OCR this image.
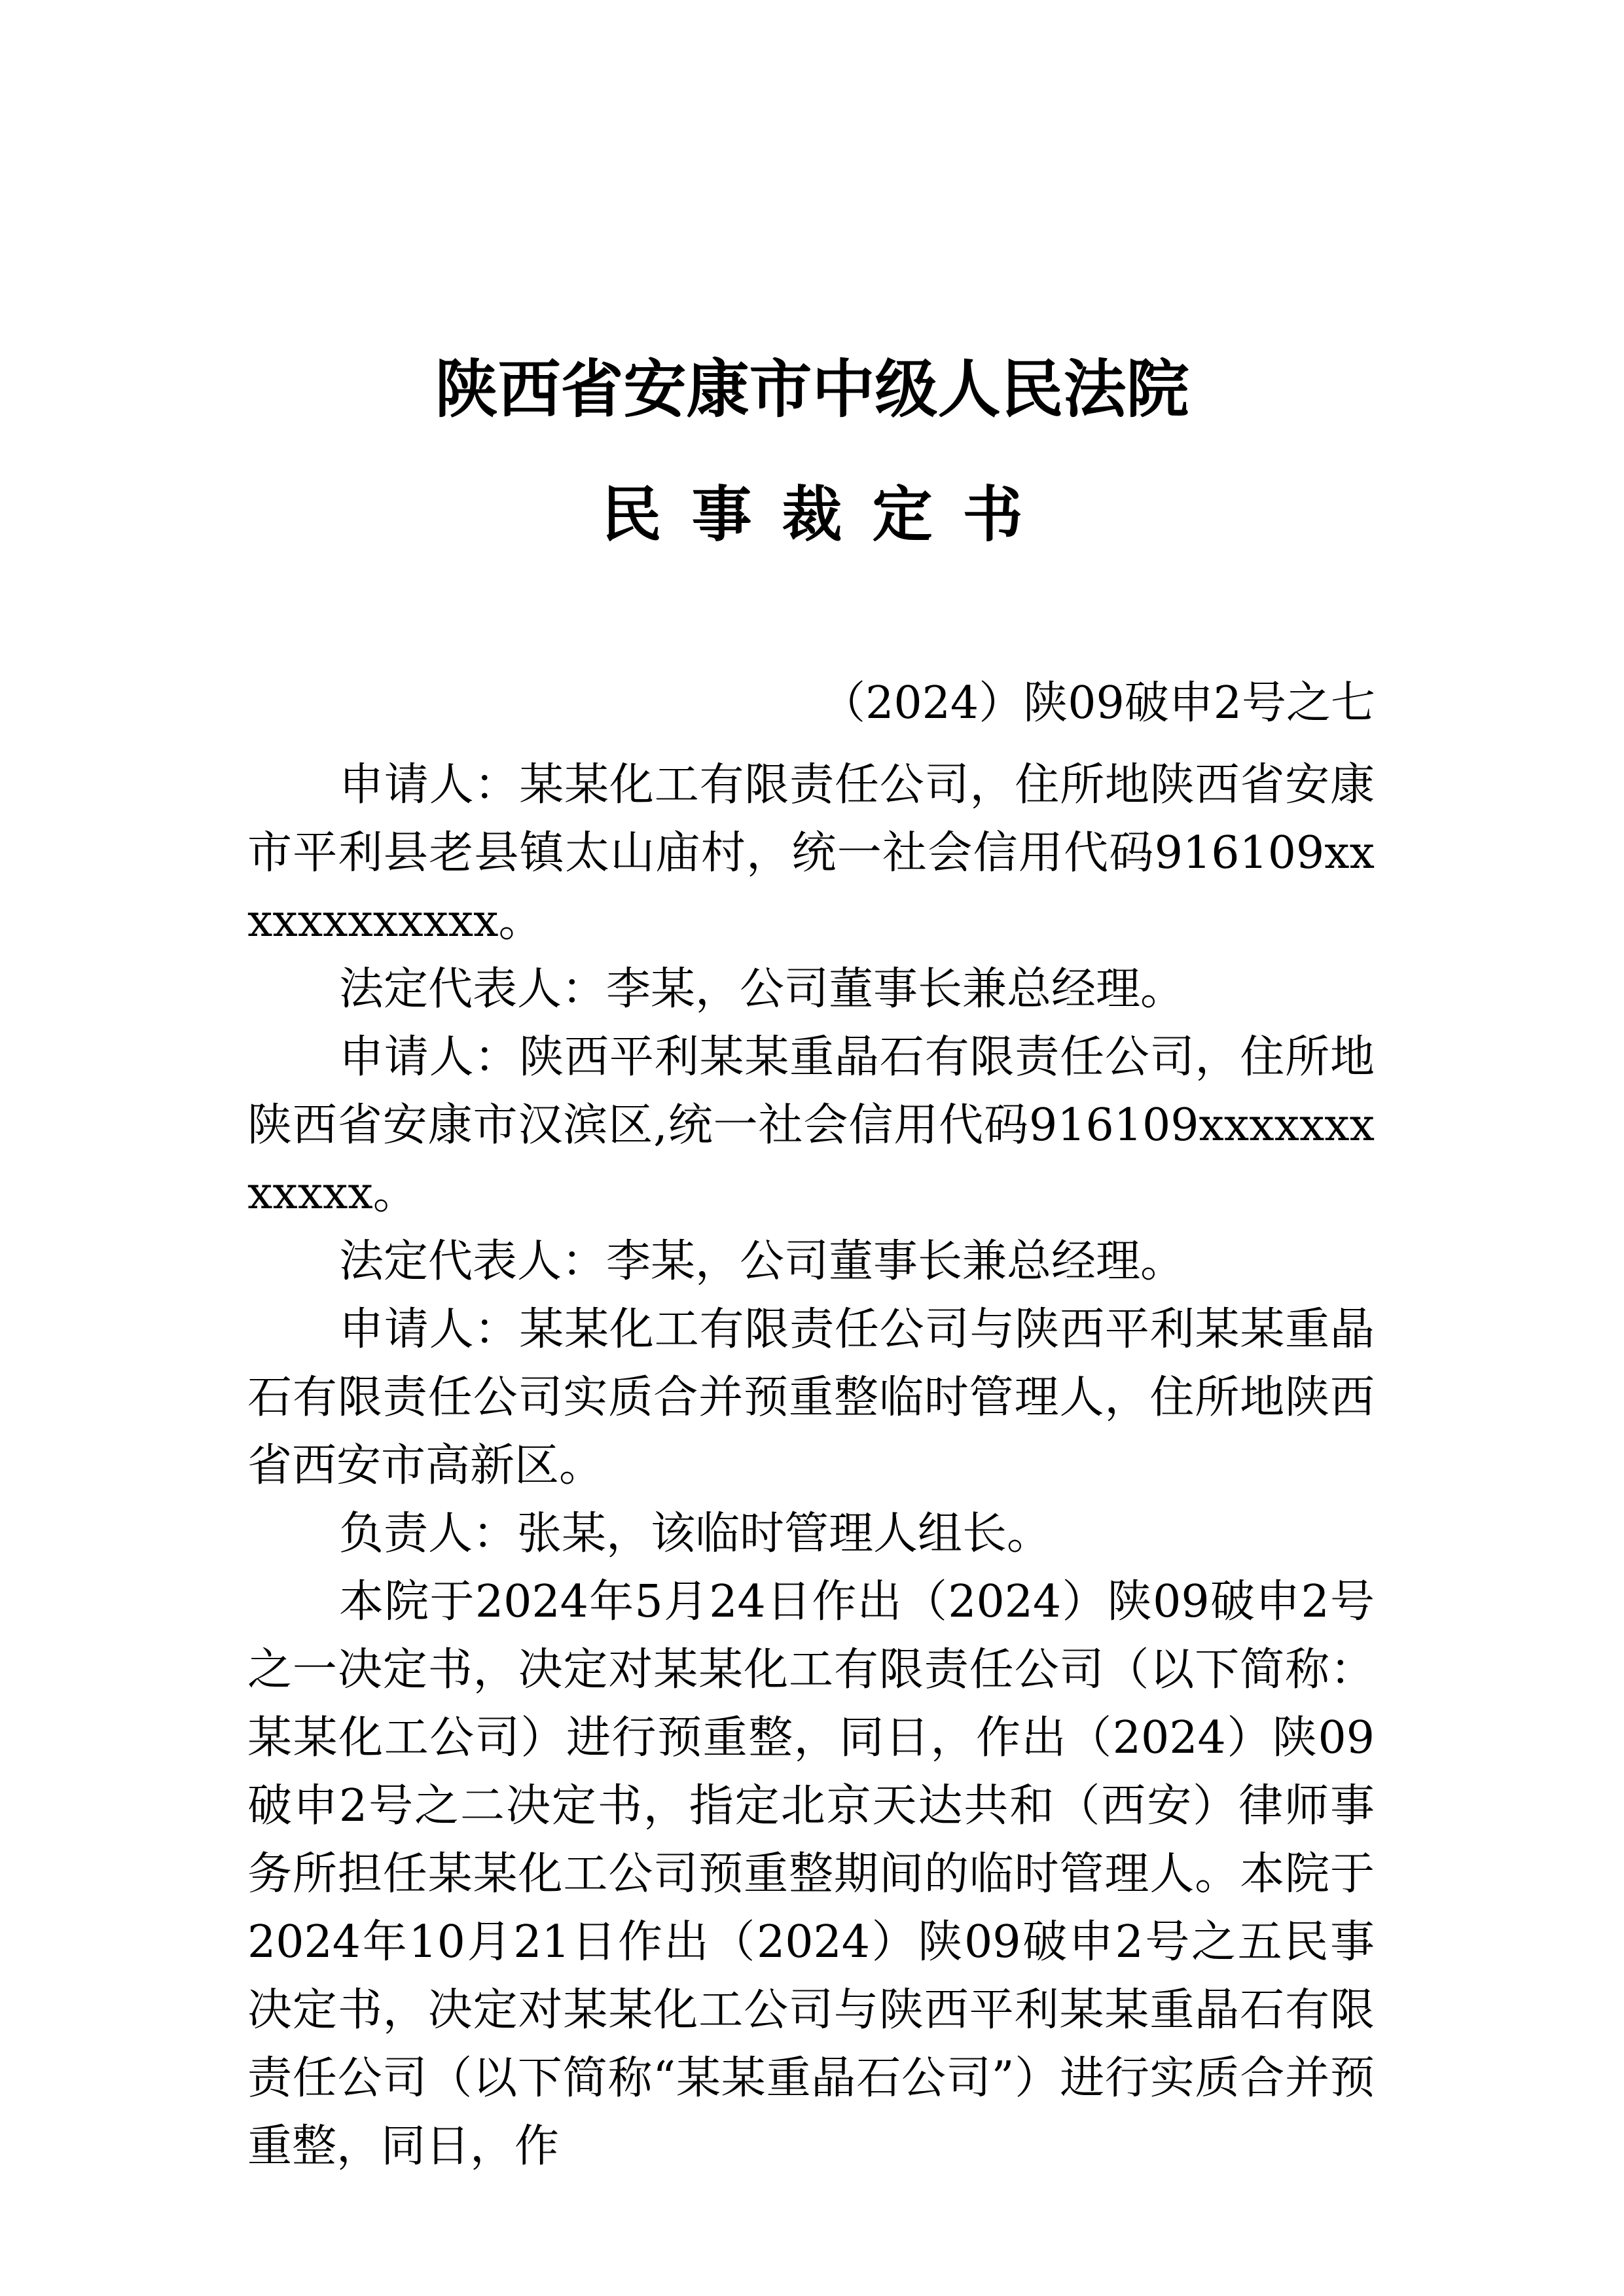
陕西省安康市中级人民法院
民事裁定书
（2024）陕09破申2号之七

申请人：某某化工有限责任公司，住所地陕西省安康市平利县老县镇太山庙村，统一社会信用代码916109xxxxxxxxxxxx。

法定代表人：李某，公司董事长兼总经理。

申请人：陕西平利某某重晶石有限责任公司，住所地陕西省安康市汉滨区,统一社会信用代码916109xxxxxxxxxxxx。

法定代表人：李某，公司董事长兼总经理。

申请人：某某化工有限责任公司与陕西平利某某重晶石有限责任公司实质合并预重整临时管理人，住所地陕西省西安市高新区。

负责人：张某，该临时管理人组长。

本院于2024年5月24日作出（2024）陕09破申2号之一决定书，决定对某某化工有限责任公司（以下简称：某某化工公司）进行预重整，同日，作出（2024）陕09破申2号之二决定书，指定北京天达共和（西安）律师事务所担任某某化工公司预重整期间的临时管理人。本院于2024年10月21日作出（2024）陕09破申2号之五民事决定书，决定对某某化工公司与陕西平利某某重晶石有限责任公司（以下简称“某某重晶石公司”）进行实质合并预重整，同日，作
